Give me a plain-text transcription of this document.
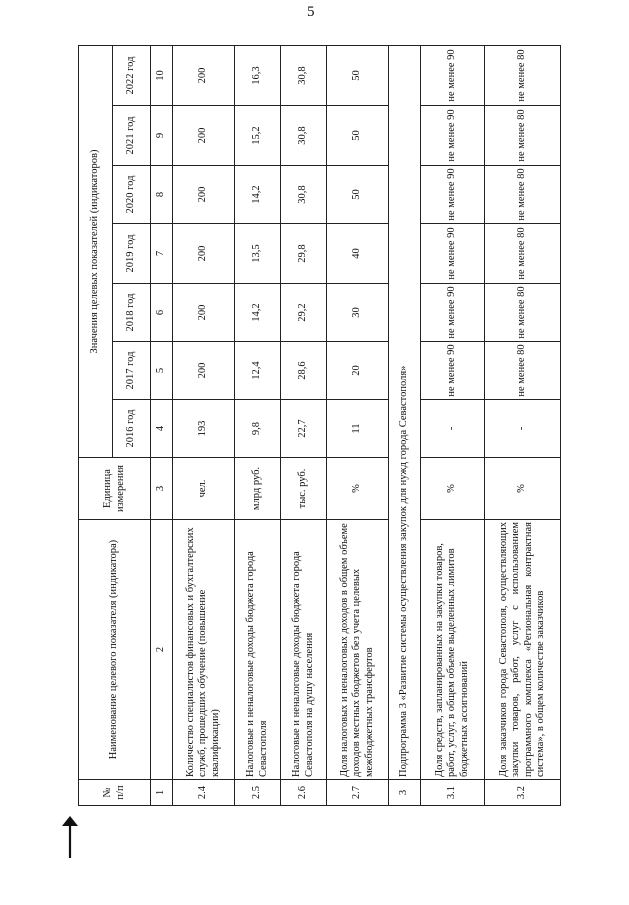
5
№ п/п	Наименование целевого показателя (индикатора)	Единица измерения	Значения целевых показателей (индикаторов)						
			2016 год	2017 год	2018 год	2019 год	2020 год	2021 год	2022 год
1	2	3	4	5	6	7	8	9	10
2.4	Количество специалистов финансовых и бухгалтерских служб, прошедших обучение (повышение квалификации)	чел.	193	200	200	200	200	200	200
2.5	Налоговые и неналоговые доходы бюджета города Севастополя	млрд руб.	9,8	12,4	14,2	13,5	14,2	15,2	16,3
2.6	Налоговые и неналоговые доходы бюджета города Севастополя на душу населения	тыс. руб.	22,7	28,6	29,2	29,8	30,8	30,8	30,8
2.7	Доля налоговых и неналоговых доходов в общем объеме доходов местных бюджетов без учета целевых межбюджетных трансфертов	%	11	20	30	40	50	50	50
3	Подпрограмма 3 «Развитие системы осуществления закупок для нужд города Севастополя»								
3.1	Доля средств, запланированных на закупки товаров, работ, услуг, в общем объеме выделенных лимитов бюджетных ассигнований	%	-	не менее 90	не менее 90	не менее 90	не менее 90	не менее 90	не менее 90
3.2	Доля заказчиков города Севастополя, осуществляющих закупки товаров, работ, услуг с использованием программного комплекса «Региональная контрактная система», в общем количестве заказчиков	%	-	не менее 80	не менее 80	не менее 80	не менее 80	не менее 80	не менее 80
